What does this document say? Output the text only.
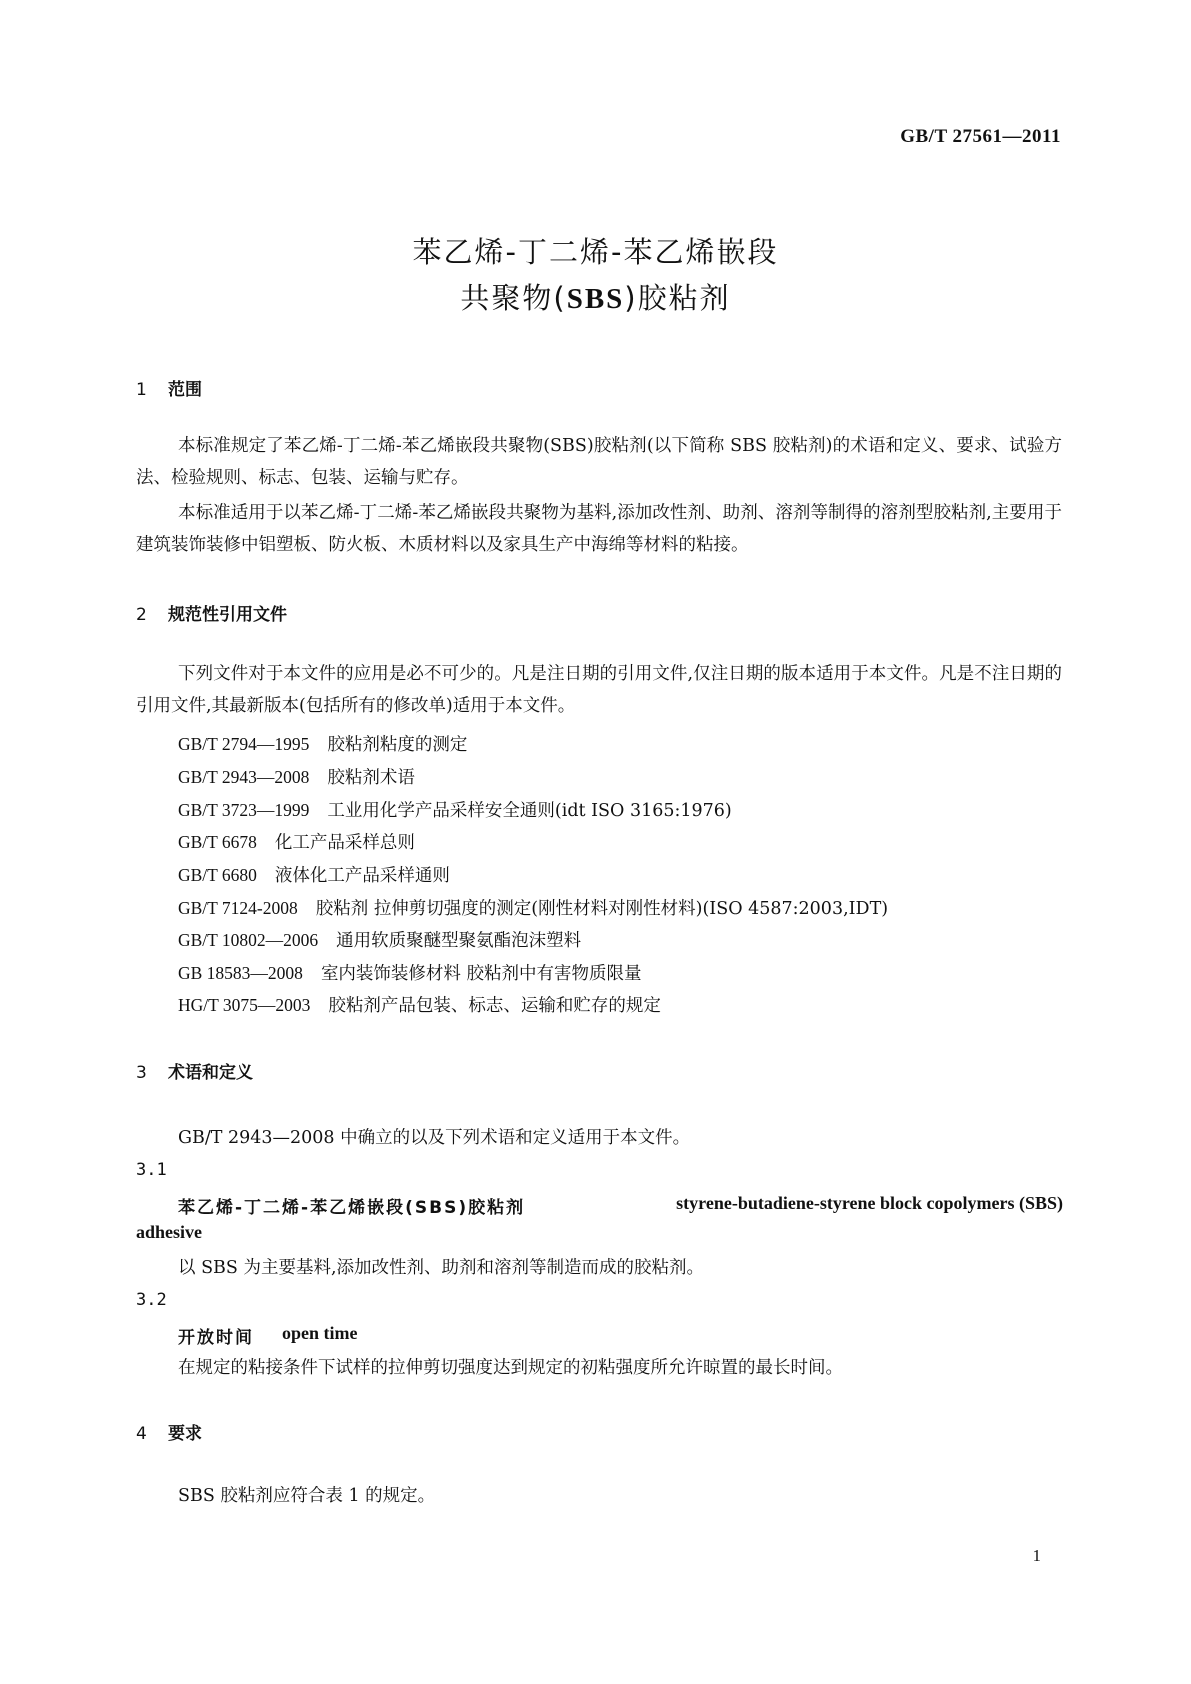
GB/T 27561—2011
苯乙烯-丁二烯-苯乙烯嵌段
共聚物(SBS)胶粘剂
1 范围
本标准规定了苯乙烯-丁二烯-苯乙烯嵌段共聚物(SBS)胶粘剂(以下简称 SBS 胶粘剂)的术语和定义、要求、试验方法、检验规则、标志、包装、运输与贮存。
本标准适用于以苯乙烯-丁二烯-苯乙烯嵌段共聚物为基料,添加改性剂、助剂、溶剂等制得的溶剂型胶粘剂,主要用于建筑装饰装修中铝塑板、防火板、木质材料以及家具生产中海绵等材料的粘接。
2 规范性引用文件
下列文件对于本文件的应用是必不可少的。凡是注日期的引用文件,仅注日期的版本适用于本文件。凡是不注日期的引用文件,其最新版本(包括所有的修改单)适用于本文件。
GB/T 2794—1995 胶粘剂粘度的测定
GB/T 2943—2008 胶粘剂术语
GB/T 3723—1999 工业用化学产品采样安全通则(idt ISO 3165:1976)
GB/T 6678 化工产品采样总则
GB/T 6680 液体化工产品采样通则
GB/T 7124-2008 胶粘剂 拉伸剪切强度的测定(刚性材料对刚性材料)(ISO 4587:2003,IDT)
GB/T 10802—2006 通用软质聚醚型聚氨酯泡沫塑料
GB 18583—2008 室内装饰装修材料 胶粘剂中有害物质限量
HG/T 3075—2003 胶粘剂产品包装、标志、运输和贮存的规定
3 术语和定义
GB/T 2943—2008 中确立的以及下列术语和定义适用于本文件。
3.1
苯乙烯-丁二烯-苯乙烯嵌段(SBS)胶粘剂	styrene-butadiene-styrene block copolymers (SBS)
adhesive
以 SBS 为主要基料,添加改性剂、助剂和溶剂等制造而成的胶粘剂。
3.2
开放时间 open time
在规定的粘接条件下试样的拉伸剪切强度达到规定的初粘强度所允许晾置的最长时间。
4 要求
SBS 胶粘剂应符合表 1 的规定。
1
